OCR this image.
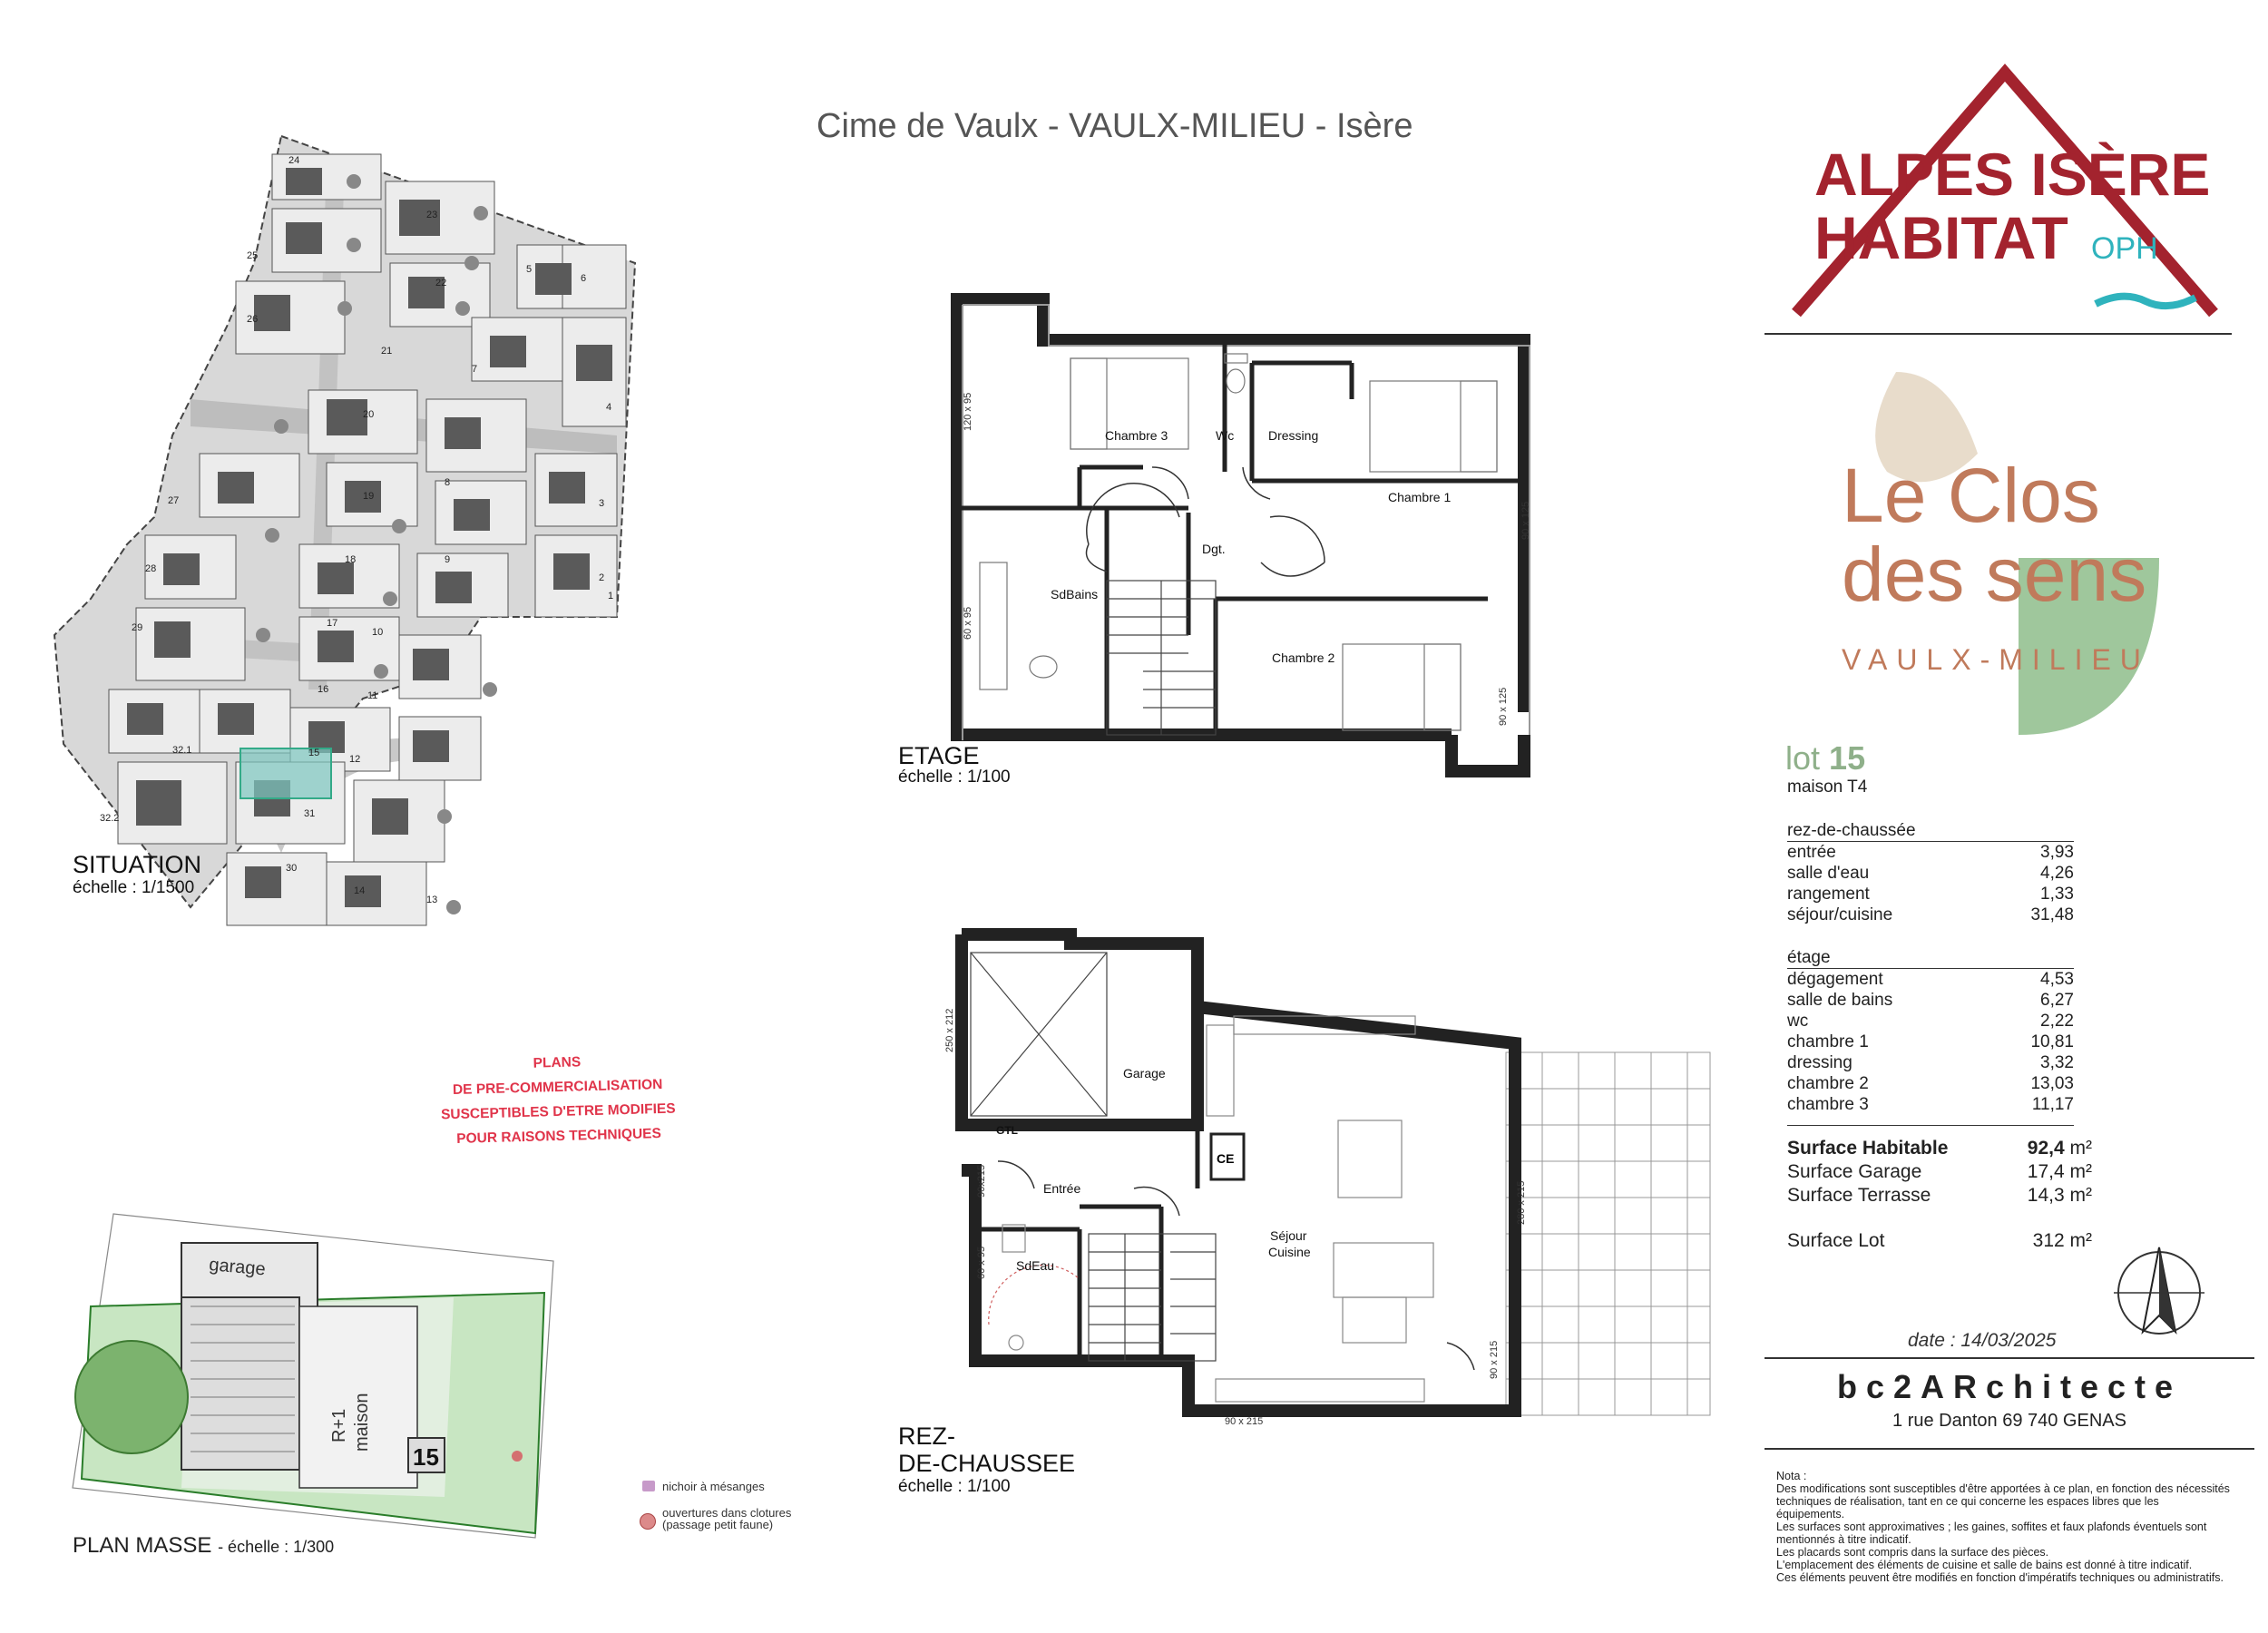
Cime de Vaulx - VAULX-MILIEU - Isère
24
23
25
22
26
21
5
6
4
7
3
20
19
8
27
18	9
2
28
17
10
1
29
16
11
15
12
32.1
32.2	31
30
14
13
SITUATION
échelle : 1/1500
Chambre 3	Wc	Dressing
Chambre 1
Dgt.
SdBains
Chambre 2
120 x 95
90 x 125
60 x 95
90 x 125
ETAGE
échelle : 1/100
CE
Garage
Entrée
SdEau
Séjour
Cuisine
GTL
250 x 212
90x215
60 x 95
280 x 215
90 x 215
90 x 215
REZ-
DE-CHAUSSEE
échelle : 1/100
PLANS
DE PRE-COMMERCIALISATION
SUSCEPTIBLES D'ETRE MODIFIES
POUR RAISONS TECHNIQUES
15
garage
R+1 maison
PLAN MASSE - échelle : 1/300
nichoir à mésanges
ouvertures dans clotures
(passage petit faune)
ALPES ISÈRE
HABITAT OPH
Le Clos
des sens
VAULX-MILIEU
lot 15
maison T4
rez-de-chaussée
entrée	3,93
salle d'eau	4,26
rangement	1,33
séjour/cuisine	31,48
étage
dégagement	4,53
salle de bains	6,27
wc	2,22
chambre 1	10,81
dressing	3,32
chambre 2	13,03
chambre 3	11,17
Surface Habitable	92,4 m²
Surface Garage	17,4 m²
Surface Terrasse	14,3 m²
Surface Lot	312 m²
date : 14/03/2025
bc2ARchitecte
1 rue Danton 69 740 GENAS
Nota :
Des modifications sont susceptibles d'être apportées à ce plan, en fonction des nécessités
techniques de réalisation, tant en ce qui concerne les espaces libres que les équipements.
Les surfaces sont approximatives ; les gaines, soffites et faux plafonds éventuels sont
mentionnés à titre indicatif.
Les placards sont compris dans la surface des pièces.
L'emplacement des éléments de cuisine et salle de bains est donné à titre indicatif.
Ces éléments peuvent être modifiés en fonction d'impératifs techniques ou administratifs.
